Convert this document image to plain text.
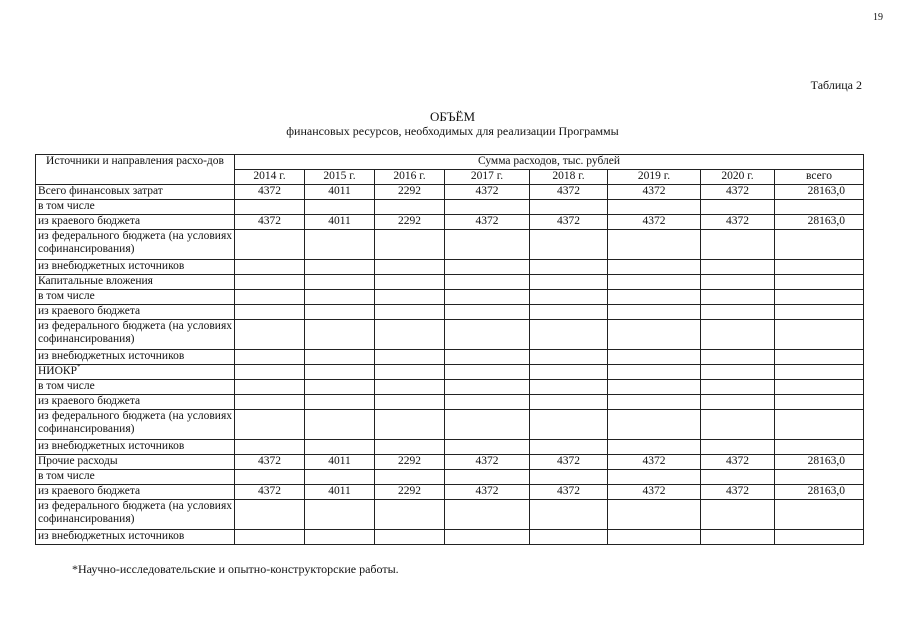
19
Таблица 2
ОБЪЁМ
финансовых ресурсов, необходимых для реализации Программы
Источники и направления расхо-дов	Сумма расходов, тыс. рублей							
	2014 г.	2015 г.	2016 г.	2017 г.	2018 г.	2019 г.	2020 г.	всего
Всего финансовых затрат	4372	4011	2292	4372	4372	4372	4372	28163,0
в том числе								
из краевого бюджета	4372	4011	2292	4372	4372	4372	4372	28163,0
из федерального бюджета (на условиях софинансирования)								
из внебюджетных источников								
Капитальные вложения								
в том числе								
из краевого бюджета								
из федерального бюджета (на условиях софинансирования)								
из внебюджетных источников								
НИОКР*								
в том числе								
из краевого бюджета								
из федерального бюджета (на условиях софинансирования)								
из внебюджетных источников								
Прочие расходы	4372	4011	2292	4372	4372	4372	4372	28163,0
в том числе								
из краевого бюджета	4372	4011	2292	4372	4372	4372	4372	28163,0
из федерального бюджета (на условиях софинансирования)								
из внебюджетных источников								
*Научно-исследовательские и опытно-конструкторские работы.
